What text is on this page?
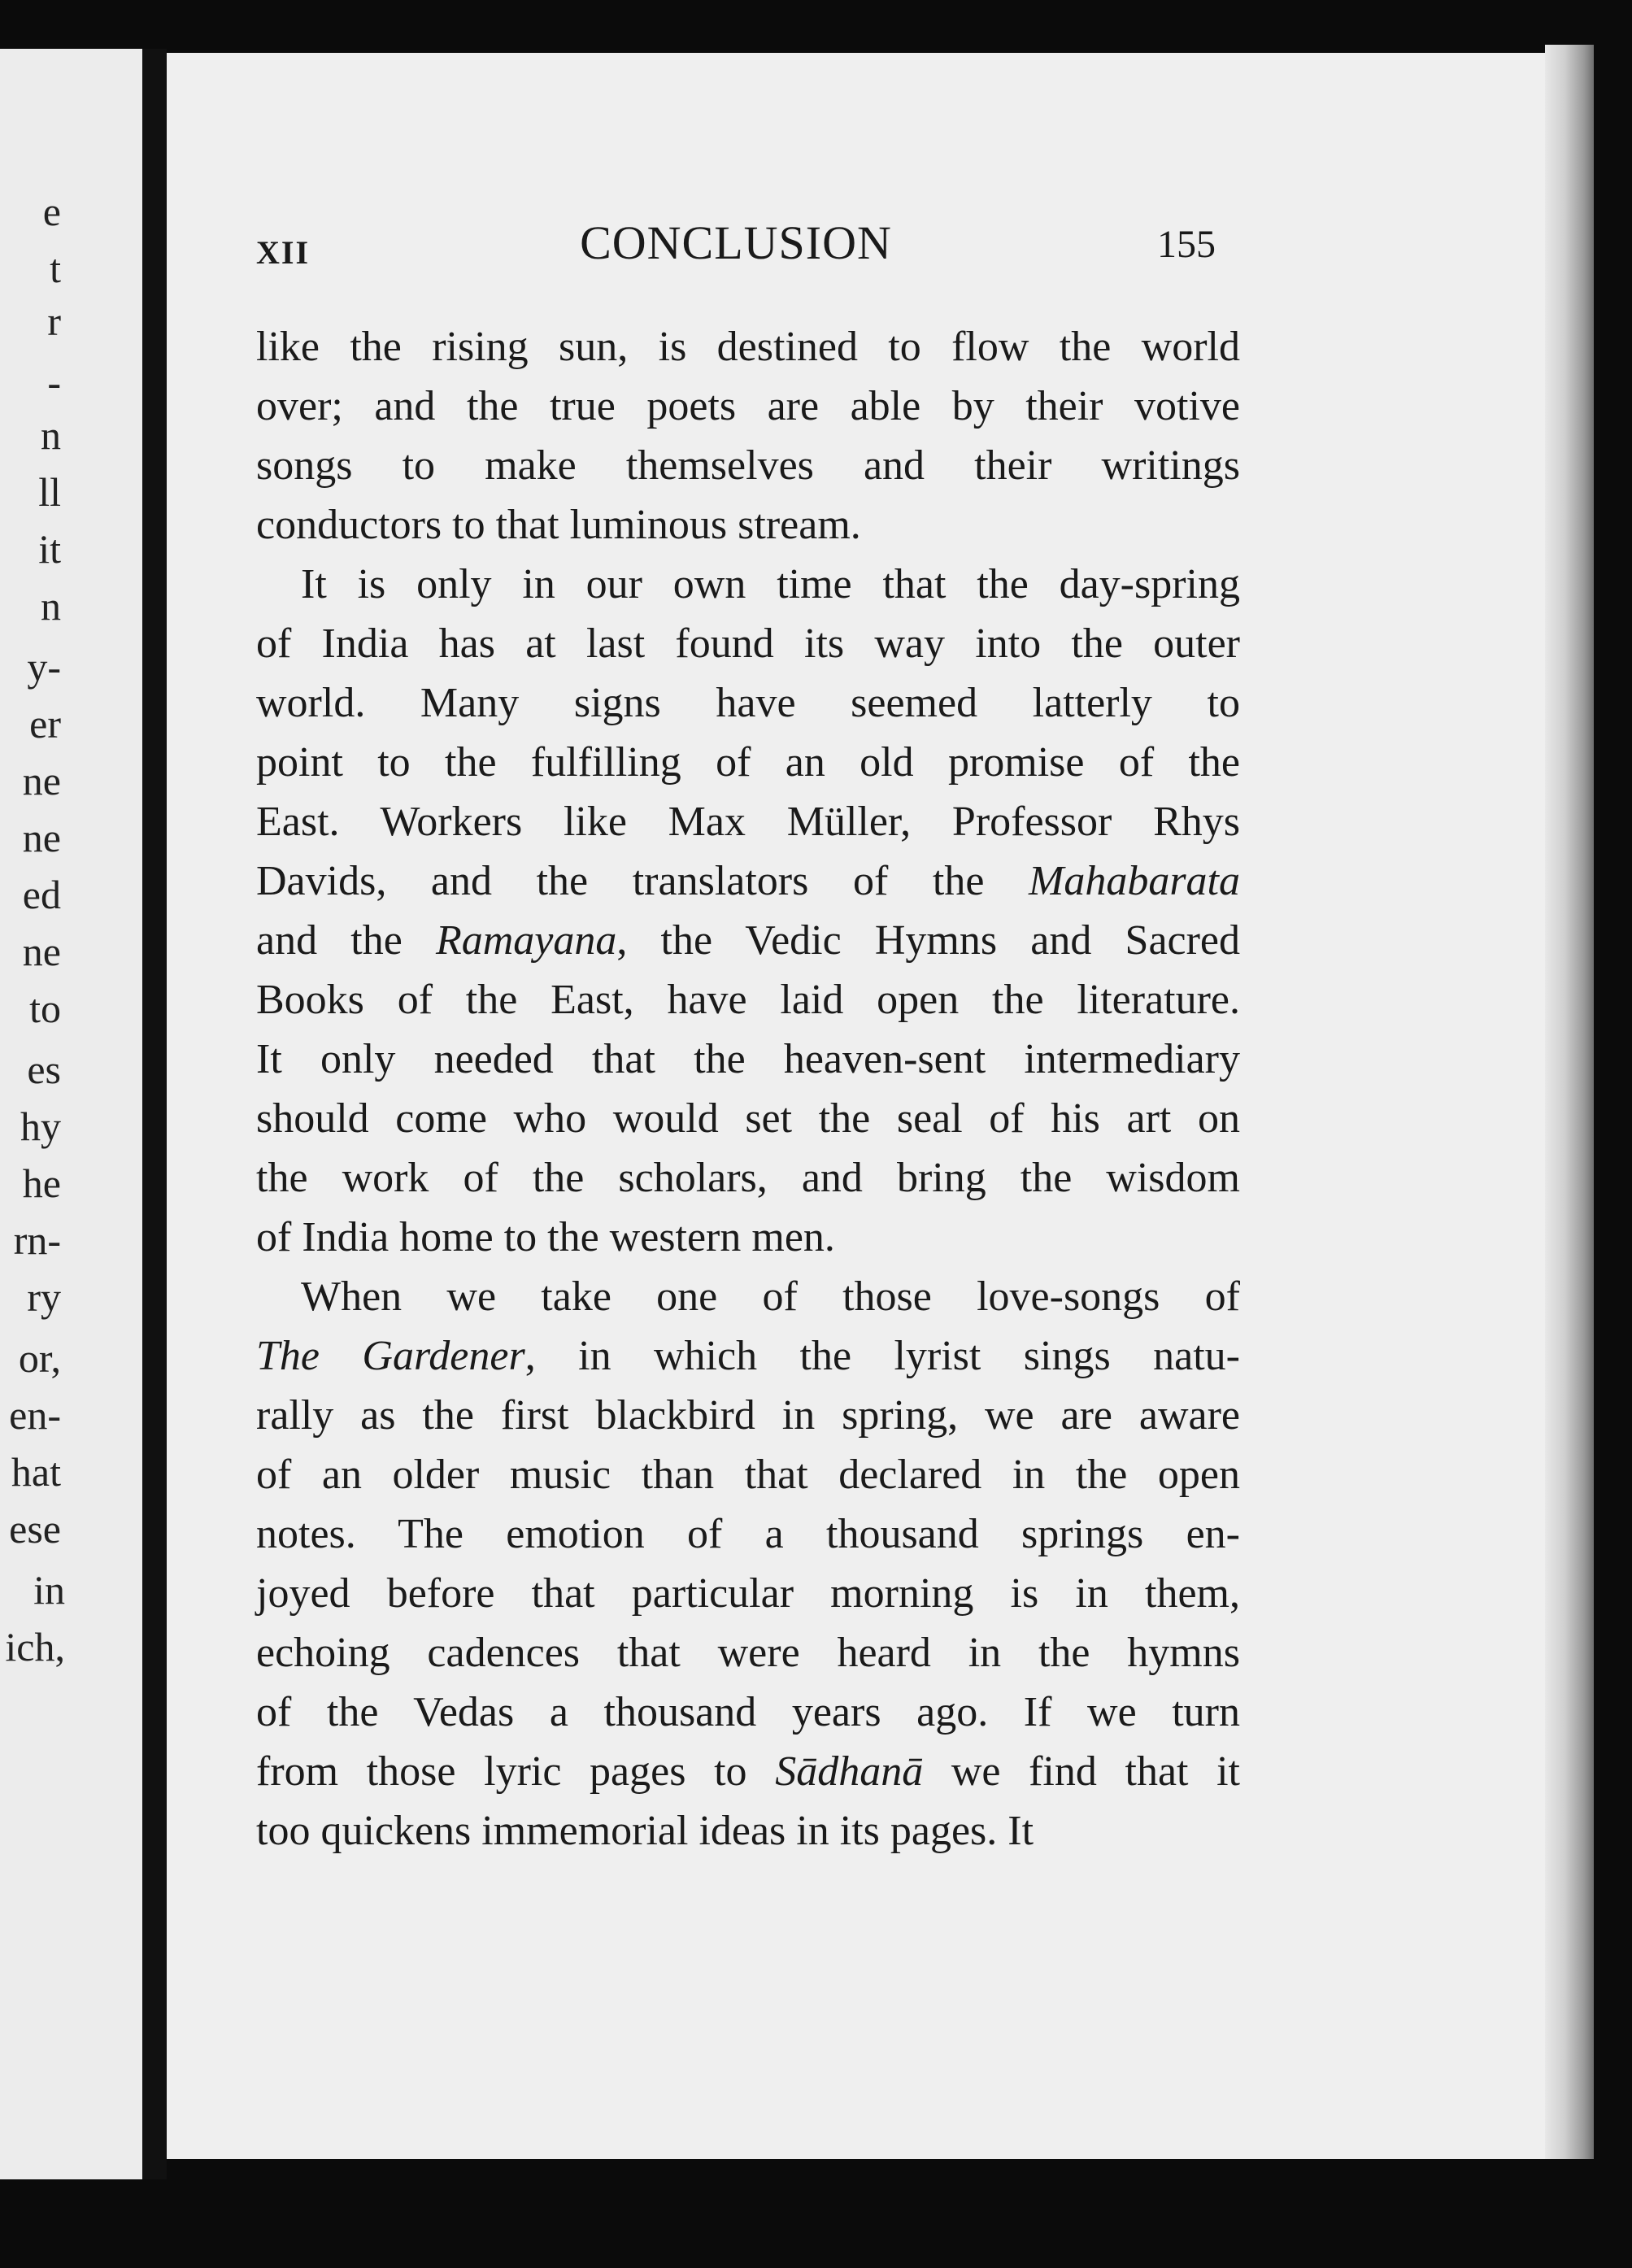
e
t
r
-
n
ll
it
n
y-
er
ne
ne
ed
ne
to
es
hy
he
rn-
ry
or,
en-
hat
ese
in
ich,
XII	CONCLUSION	155
like the rising sun, is destined to flow the world
over; and the true poets are able by their votive
songs to make themselves and their writings
conductors to that luminous stream.
It is only in our own time that the day-spring
of India has at last found its way into the outer
world. Many signs have seemed latterly to
point to the fulfilling of an old promise of the
East. Workers like Max Müller, Professor Rhys
Davids, and the translators of the Mahabarata
and the Ramayana, the Vedic Hymns and Sacred
Books of the East, have laid open the literature.
It only needed that the heaven-sent intermediary
should come who would set the seal of his art on
the work of the scholars, and bring the wisdom
of India home to the western men.
When we take one of those love-songs of
The Gardener, in which the lyrist sings natu-
rally as the first blackbird in spring, we are aware
of an older music than that declared in the open
notes. The emotion of a thousand springs en-
joyed before that particular morning is in them,
echoing cadences that were heard in the hymns
of the Vedas a thousand years ago. If we turn
from those lyric pages to Sādhanā we find that it
too quickens immemorial ideas in its pages. It
